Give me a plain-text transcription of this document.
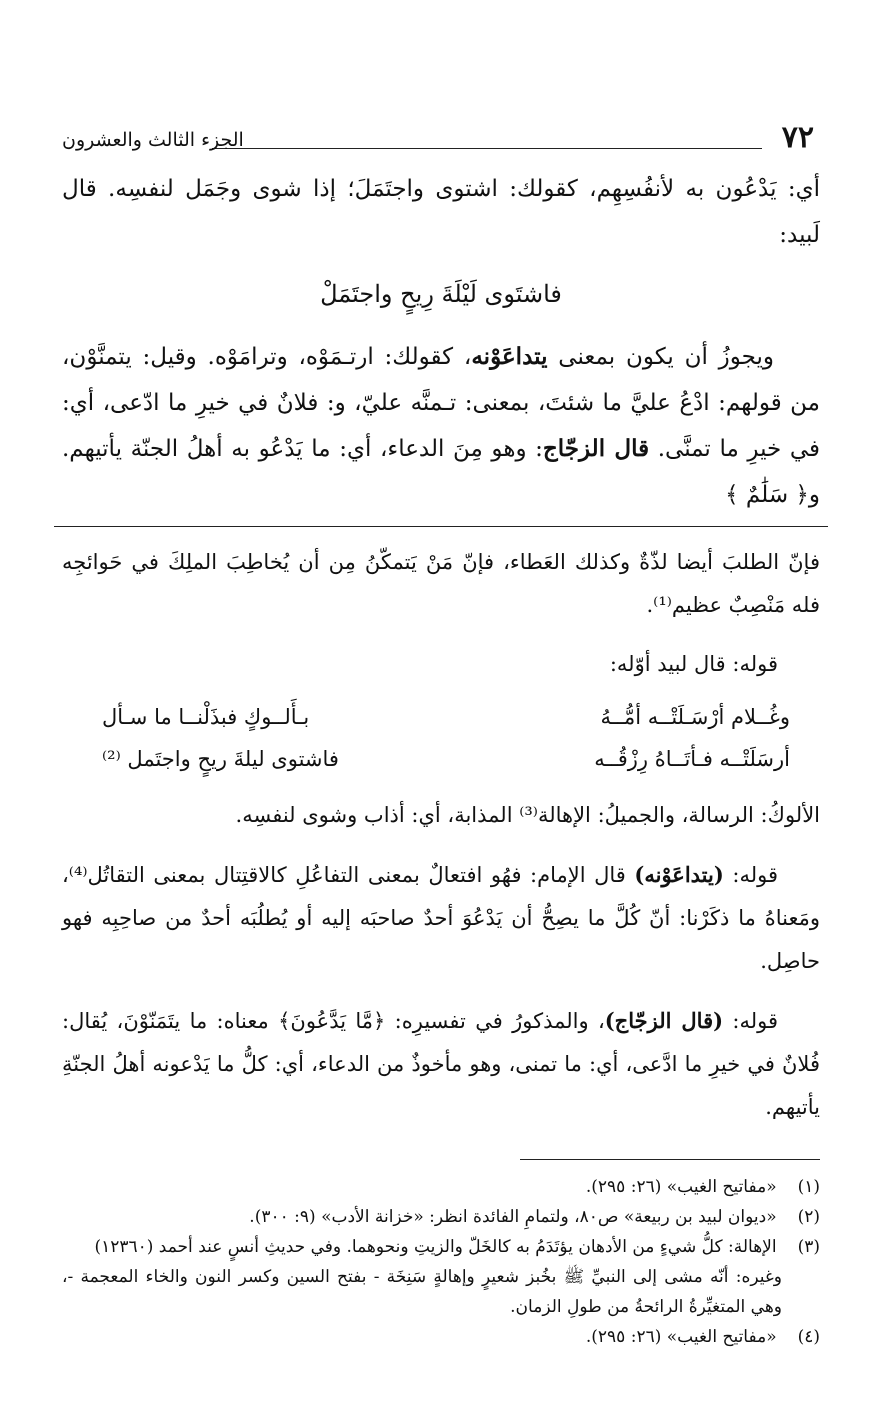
٧٢
الجزء الثالث والعشرون

أي: يَدْعُون به لأنفُسِهِم، كقولك: اشتوى واجتَمَلَ؛ إذا شوى وجَمَل لنفسِه. قال لَبيد:

فاشتَوى لَيْلَةَ رِيحٍ واجتَمَلْ

  ويجوزُ أن يكون بمعنى يتداعَوْنه، كقولك: ارتـمَوْه، وترامَوْه. وقيل: يتمنَّوْن، من قولهم: ادْعُ عليَّ ما شئتَ، بمعنى: تـمنَّه عليّ، و: فلانٌ في خيرِ ما ادّعى، أي: في خيرِ ما تمنَّى. قال الزجّاج: وهو مِنَ الدعاء، أي: ما يَدْعُو به أهلُ الجنّة يأتيهم. و﴿ سَلَٰمٌ ﴾

فإنّ الطلبَ أيضا لذّةٌ وكذلك العَطاء، فإنّ مَنْ يَتمكّنُ مِن أن يُخاطِبَ الملِكَ في حَوائجِه فله مَنْصِبٌ عظيم⁽¹⁾.

  قوله: قال لبيد أوّله:

وغُــلام أرْسَـلَتْــه أمُّــهُ
بـأَلــوكٍ فبذَلْنــا ما سـأل
أرسَلَتْــه فـأتَــاهُ رِزْقُــه
فاشتوى ليلةَ ريحٍ واجتَمل ⁽²⁾

الألوكُ: الرسالة، والجميلُ: الإهالة⁽³⁾ المذابة، أي: أذاب وشوى لنفسِه.

  قوله: (يتداعَوْنه) قال الإمام: فهُو افتعالٌ بمعنى التفاعُلِ كالاقتِتال بمعنى التقاتُل⁽⁴⁾، ومَعناهُ ما ذكَرْنا: أنّ كُلَّ ما يصِحُّ أن يَدْعُوَ أحدٌ صاحبَه إليه أو يُطلُبَه أحدٌ من صاحِبِه فهو حاصِل.

  قوله: (قال الزجّاج)، والمذكورُ في تفسيرِه: ﴿مَّا يَدَّعُونَ﴾ معناه: ما يتَمَنّوْنَ، يُقال: فُلانٌ في خيرِ ما ادَّعى، أي: ما تمنى، وهو مأخوذٌ من الدعاء، أي: كلُّ ما يَدْعونه أهلُ الجنّةِ يأتيهم.

(١) «مفاتيح الغيب» (٢٦: ٢٩٥).

(٢) «ديوان لبيد بن ربيعة» ص٨٠، ولتمامِ الفائدة انظر: «خزانة الأدب» (٩: ٣٠٠).

(٣) الإهالة: كلُّ شيءٍ من الأدهان يؤتَدَمُ به كالخَلّ والزيتِ ونحوهما. وفي حديثِ أنسٍ عند أحمد (١٢٣٦٠)

وغيره: أنّه مشى إلى النبيِّ ﷺ بخُبز شعيرٍ وإهالةٍ سَنِخَة - بفتح السين وكسر النون والخاء المعجمة -، وهي المتغيِّرةُ الرائحةُ من طولِ الزمان.

(٤) «مفاتيح الغيب» (٢٦: ٢٩٥).
